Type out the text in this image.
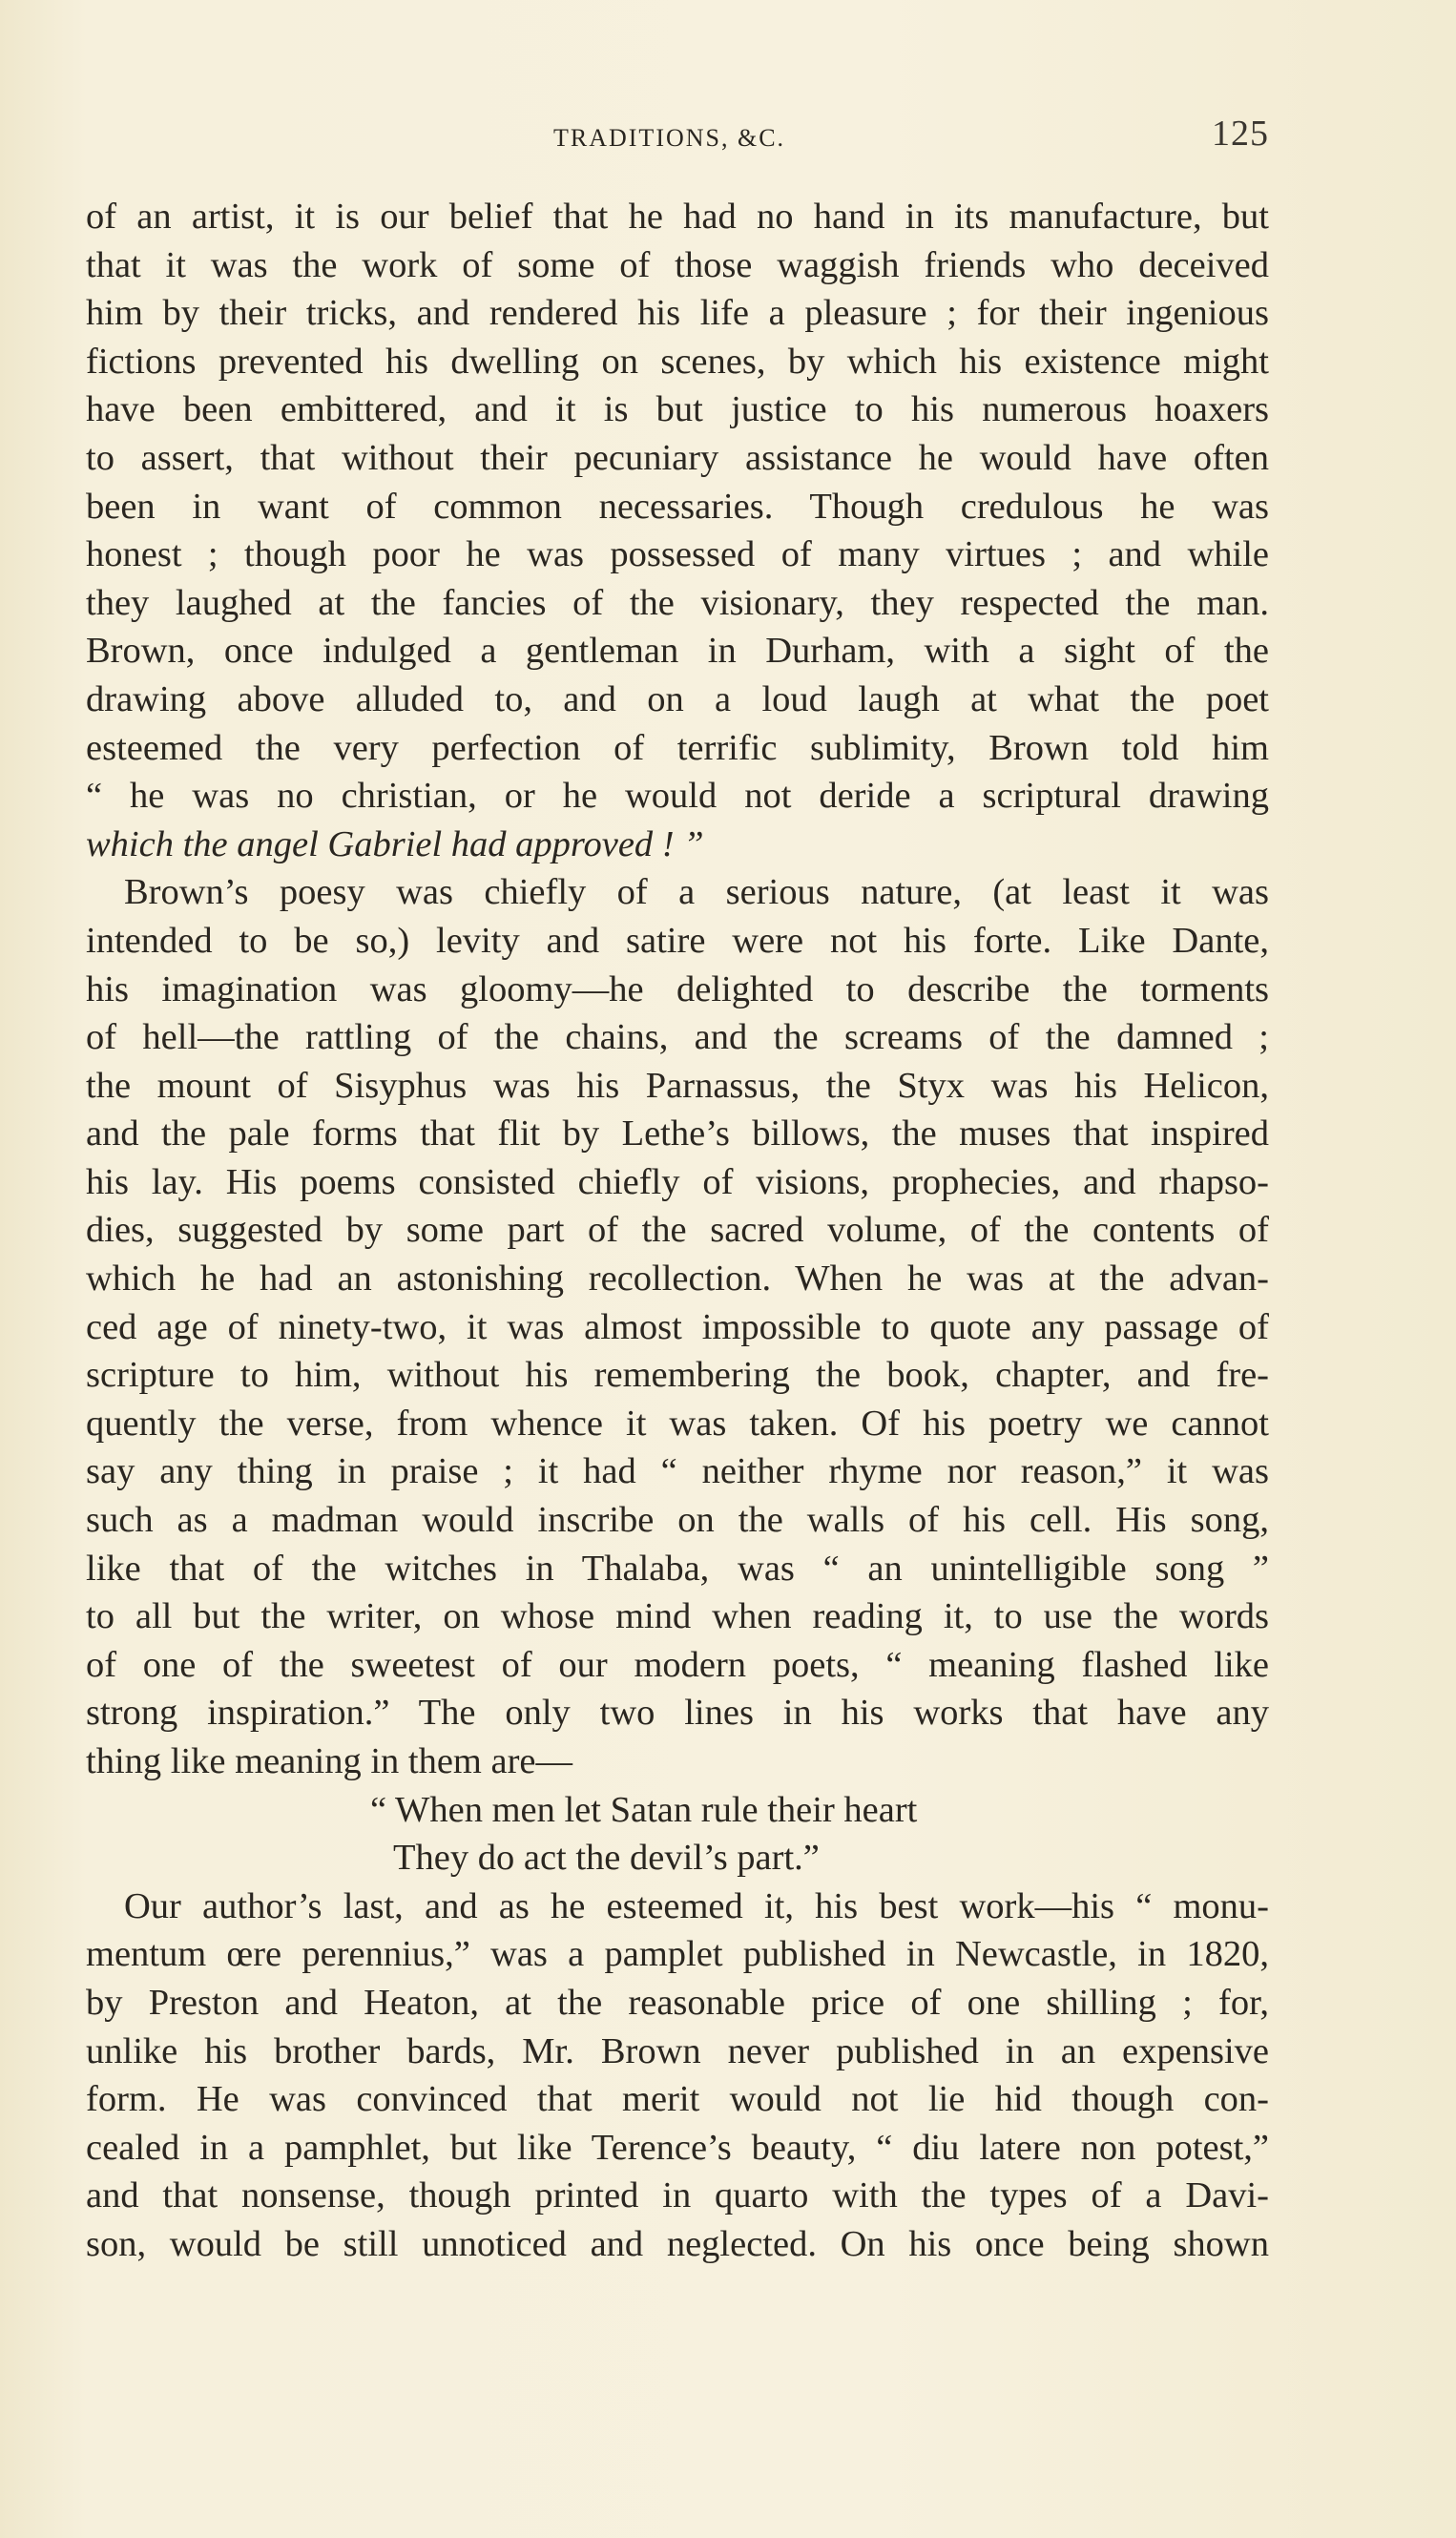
TRADITIONS, &C.	125
of an artist, it is our belief that he had no hand in its manufacture, but
that it was the work of some of those waggish friends who deceived
him by their tricks, and rendered his life a pleasure ; for their ingenious
fictions prevented his dwelling on scenes, by which his existence might
have been embittered, and it is but justice to his numerous hoaxers
to assert, that without their pecuniary assistance he would have often
been in want of common necessaries. Though credulous he was
honest ; though poor he was possessed of many virtues ; and while
they laughed at the fancies of the visionary, they respected the man.
Brown, once indulged a gentleman in Durham, with a sight of the
drawing above alluded to, and on a loud laugh at what the poet
esteemed the very perfection of terrific sublimity, Brown told him
“ he was no christian, or he would not deride a scriptural drawing
which the angel Gabriel had approved ! ”
Brown’s poesy was chiefly of a serious nature, (at least it was
intended to be so,) levity and satire were not his forte. Like Dante,
his imagination was gloomy—he delighted to describe the torments
of hell—the rattling of the chains, and the screams of the damned ;
the mount of Sisyphus was his Parnassus, the Styx was his Helicon,
and the pale forms that flit by Lethe’s billows, the muses that inspired
his lay. His poems consisted chiefly of visions, prophecies, and rhapso-
dies, suggested by some part of the sacred volume, of the contents of
which he had an astonishing recollection. When he was at the advan-
ced age of ninety-two, it was almost impossible to quote any passage of
scripture to him, without his remembering the book, chapter, and fre-
quently the verse, from whence it was taken. Of his poetry we cannot
say any thing in praise ; it had “ neither rhyme nor reason,” it was
such as a madman would inscribe on the walls of his cell. His song,
like that of the witches in Thalaba, was “ an unintelligible song ”
to all but the writer, on whose mind when reading it, to use the words
of one of the sweetest of our modern poets, “ meaning flashed like
strong inspiration.” The only two lines in his works that have any
thing like meaning in them are—
“ When men let Satan rule their heart
They do act the devil’s part.”
Our author’s last, and as he esteemed it, his best work—his “ monu-
mentum œre perennius,” was a pamplet published in Newcastle, in 1820,
by Preston and Heaton, at the reasonable price of one shilling ; for,
unlike his brother bards, Mr. Brown never published in an expensive
form. He was convinced that merit would not lie hid though con-
cealed in a pamphlet, but like Terence’s beauty, “ diu latere non potest,”
and that nonsense, though printed in quarto with the types of a Davi-
son, would be still unnoticed and neglected. On his once being shown
